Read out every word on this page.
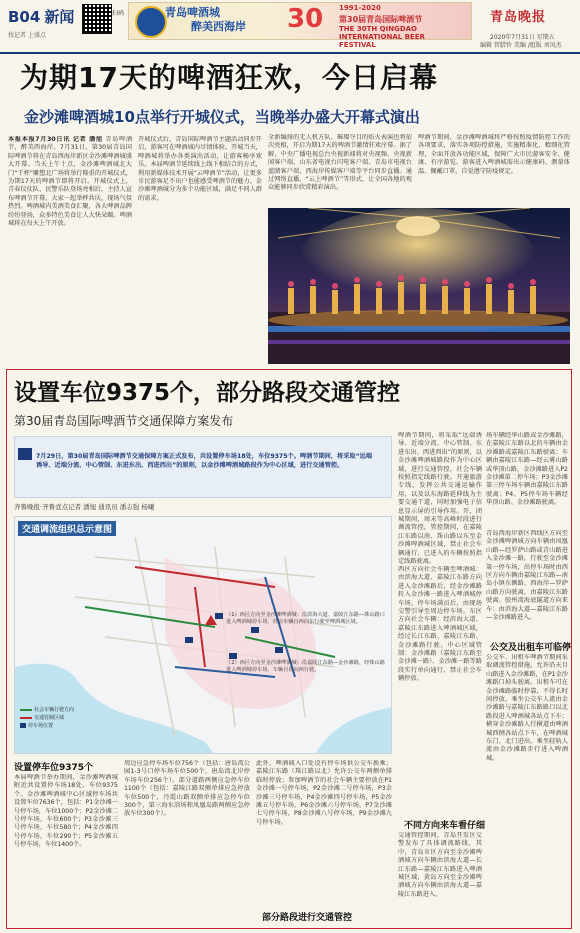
B04 新闻
找记者 上盛点
扫码	青岛啤酒城
醉美西海岸 30 1991-2020
第30届青岛国际啤酒节
THE 30TH QINGDAO INTERNATIONAL BEER FESTIVAL
青岛晚报
2020年7月31日 星期五
编辑 管腊铃 美编 /组版 刘凤杰
为期17天的啤酒狂欢，今日启幕
金沙滩啤酒城10点举行开城仪式，当晚举办盛大开幕式演出
本报本报7月30日讯 记者 潘旭 青岛啤酒节，醉美西海岸。7月31日，第30届青岛国际啤酒节将在青岛西海岸新区金沙滩啤酒城盛大开幕。当天上午十点，金沙滩啤酒城北大门“干杯”雕塑北广场将举行隆重的开城仪式，为期17天的啤酒节即将开启。开城仪式上，青春仪仗队、民警乐队登场亮相后，主持人宣布啤酒节开幕，大家一起举杯共庆，现场气氛热烈。啤酒城内美酒美食汇聚，各大啤酒品牌纷纷登场，众多特色美食让人大快朵颐。啤酒城将在每天上午开放。
开城仪式后，青岛国际啤酒节主题活动同步开启，游客可在啤酒城内尽情体验。开城当天，啤酒城将举办各类演出活动，让游客畅享欢乐。本届啤酒节延续线上线下相结合的方式，利用新媒体技术开展“云啤酒节”活动，让更多市民游客足不出户也能感受啤酒节的魅力。金沙滩啤酒城分为多个功能区域，满足不同人群的需求。
全新编排的无人机方队、璀璨夺目的焰火表演也将依次亮相，开启为期17天的啤酒节激情狂欢序幕。据了解，中央广播电视总台央视新闻将对央视频、央视新闻客户端、山东省电视台闪电客户端、青岛市电视台蓝睛客户端、西海岸传媒客户端等平台同步直播。通过网络直播、“云上啤酒节”等形式，让全国各地的观众能够同步欣赏精彩演出。
啤酒节期间，金沙滩啤酒城将严格按照疫情防控工作的各项要求，落实各项防控措施，实施精准化、精细化管理，全面开放各功能区域，保障广大市民游客安全、健康、有序游览。游客进入啤酒城需出示健康码、测量体温、佩戴口罩，自觉遵守防疫规定。
设置车位9375个，部分路段交通管控
第30届青岛国际啤酒节交通保障方案发布
7月29日，第30届青岛国际啤酒节交通保障方案正式发布，共设置停车场18处，车位9375个。啤酒节期间，将采取“远端诱导、近端分流、中心管制、东进东出、西进西出”的原则，以金沙滩啤酒城路段作为中心区域，进行交通管控。
齐鲁晚报·齐鲁壹点记者 潘旭 通讯员 潘志强 杨曦
交通调流组织总示意图
社会车辆行驶方向
交通管制区域
停车场位置
（1）西区方向至金沙滩啤酒城：沿滨海大道、嘉陵江东路—珠山路口进入啤酒城停车场，社会车辆自西向东行驶至啤酒城区域。
（2）西区方向至金沙滩啤酒城：沿嘉陵江东路—金沙滩路，经珠山路进入啤酒城停车场，车辆自东向西行驶。
设置停车位9375个
本届啤酒节举办期间，金沙滩啤酒城附近共设置停车场18处，车位9375个。金沙滩啤酒城中心区域停车场共设置车位7636个，包括：P1金沙滩一号停车场，车位1000个；P2金沙滩二号停车场，车位600个；P3金沙滩三号停车场，车位580个；P4金沙滩四号停车场，车位290个；P5金沙滩五号停车场，车位1400个。
周边应急停车场车位756个（包括：唐岛湾公园1-3号口停车场车位500个，唐岛湾北岸停车场车位256个）。部分道路两侧应急停车位1100个（包括：嘉陵江路双侧单排应急停放车位500个，丹霞山路双侧单排应急停车位300个，第三海水浴场和凤凰岛路两侧应急停放车位300个）。
此外，啤酒城入口处设有停车场供公交车换乘；嘉陵江东路（珠江路以北）允许公交车两侧单排临时停放；参加啤酒节的社会车辆主要停放在P1金沙滩一号停车场，P2金沙滩二号停车场，P3金沙滩三号停车场，P4金沙滩四号停车场，P5金沙滩五号停车场，P6金沙滩六号停车场，P7金沙滩七号停车场，P8金沙滩八号停车场，P9金沙滩九号停车场。
部分路段进行交通管控
啤酒节期间，将采取“远端诱导、近端分流、中心管制、东进东出、西进西出”的原则，以金沙滩啤酒城路段作为中心区域，进行交通管控，社会车辆按照指定线路行驶。开通旅游专线，发挥公共交通运输作用，以及以东海路延伸线为主要交通干道，同时加强电子信息显示屏的引导作用。开、闭城期间，周末等高峰时段进行调流管控，管控期间，在嘉陵江东路以南、珠山路以东至金沙滩啤酒城区域，禁止社会车辆通行，已进入的车辆按照指定线路驶离。
西区方向社会车辆至啤酒城：由滨海大道、嘉陵江东路方向进入金沙滩路后，经金沙滩路转入金沙滩一路进入啤酒城停车场，停车场满员后，由现场交警引导至周边停车场。东区方向社会车辆：经滨海大道、嘉陵江东路进入啤酒城区域，经过长江东路、嘉陵江东路、金沙滩路行驶。中心区域管制：金沙滩路（嘉陵江东路至金沙滩一路）、金沙滩一路等路段实行单向通行，禁止社会车辆停放。
不同方向来车看仔细
交通管控期间，青岛开发区交警发布了具体调流路线，其中，青岛市区方向至金沙滩啤酒城方向车辆由滨海大道—长江东路—嘉陵江东路进入啤酒城区域，黄岛方向至金沙滩啤酒城方向车辆由滨海大道—嘉陵江东路进入。
场车辆经华山路或金沙滩路，在嘉陵江东路以北的车辆由金沙滩路或嘉陵江东路驶离；车辆由嘉陵江东路—经云雾山路或华顶山路，金沙滩路进入P2金沙滩第二停车场；P3金沙滩第三停车场车辆由嘉陵江东路驶离；P4、P5停车场车辆经华顶山路、金沙滩路驶离。
青岛西海岸新区西线区方向至金沙滩啤酒城方向车辆由凤凰山路—经罗萨山路或青山路进入金沙滩一路，行驶至金沙滩第一停车场，出停车场时由西区方向车辆由嘉陵江东路—南岛小镇东侧路、西海岸—罗萨山路方向驶离，由嘉陵江东路驶离。胶州湾海底隧道方向来车：由滨海大道—嘉陵江东路—金沙滩路进入。
公交及出租车可临停
公交车、出租车啤酒节期间采取调流管控措施，允许沿天目山路进入金沙滩路，在P1金沙滩路口掉头驶离。出租车可在金沙滩路临时停靠，不得长时间停放。乘坐公交车人流由金沙滩路与嘉陵江东路路口以北路段进入啤酒城各站点下车；横穿金沙滩路人行横道由啤酒城西侧各站点下车，在啤酒城东门、北门进出。乘坐轻轨人流由金沙滩路步行进入啤酒城。
